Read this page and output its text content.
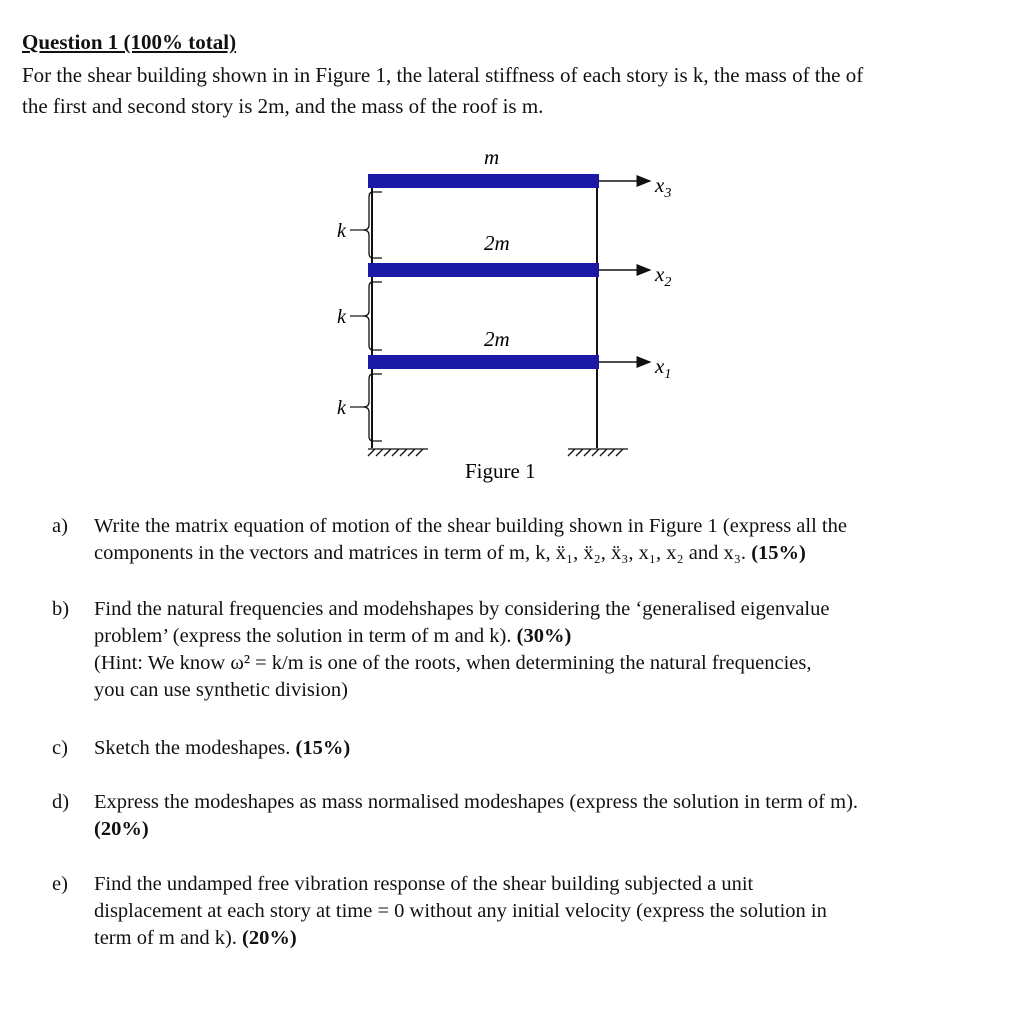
Question 1 (100% total)

For the shear building shown in in Figure 1, the lateral stiffness of each story is k, the mass of the of

the first and second story is 2m, and the mass of the roof is m.

$x_3$
$x_2$
$x_1$
m
2m
2m
k
k
k
Figure 1
a)	Write the matrix equation of motion of the shear building shown in Figure 1 (express all the
components in the vectors and matrices in term of m, k, ẍ₁, ẍ₂, ẍ₃, x₁, x₂ and x₃. (15%)
b)	Find the natural frequencies and modehshapes by considering the ‘generalised eigenvalue
problem’ (express the solution in term of m and k). (30%)
(Hint: We know ω² = k/m is one of the roots, when determining the natural frequencies,
you can use synthetic division)
c)	Sketch the modeshapes. (15%)
d)	Express the modeshapes as mass normalised modeshapes (express the solution in term of m).
(20%)
e)	Find the undamped free vibration response of the shear building subjected a unit
displacement at each story at time = 0 without any initial velocity (express the solution in
term of m and k). (20%)
